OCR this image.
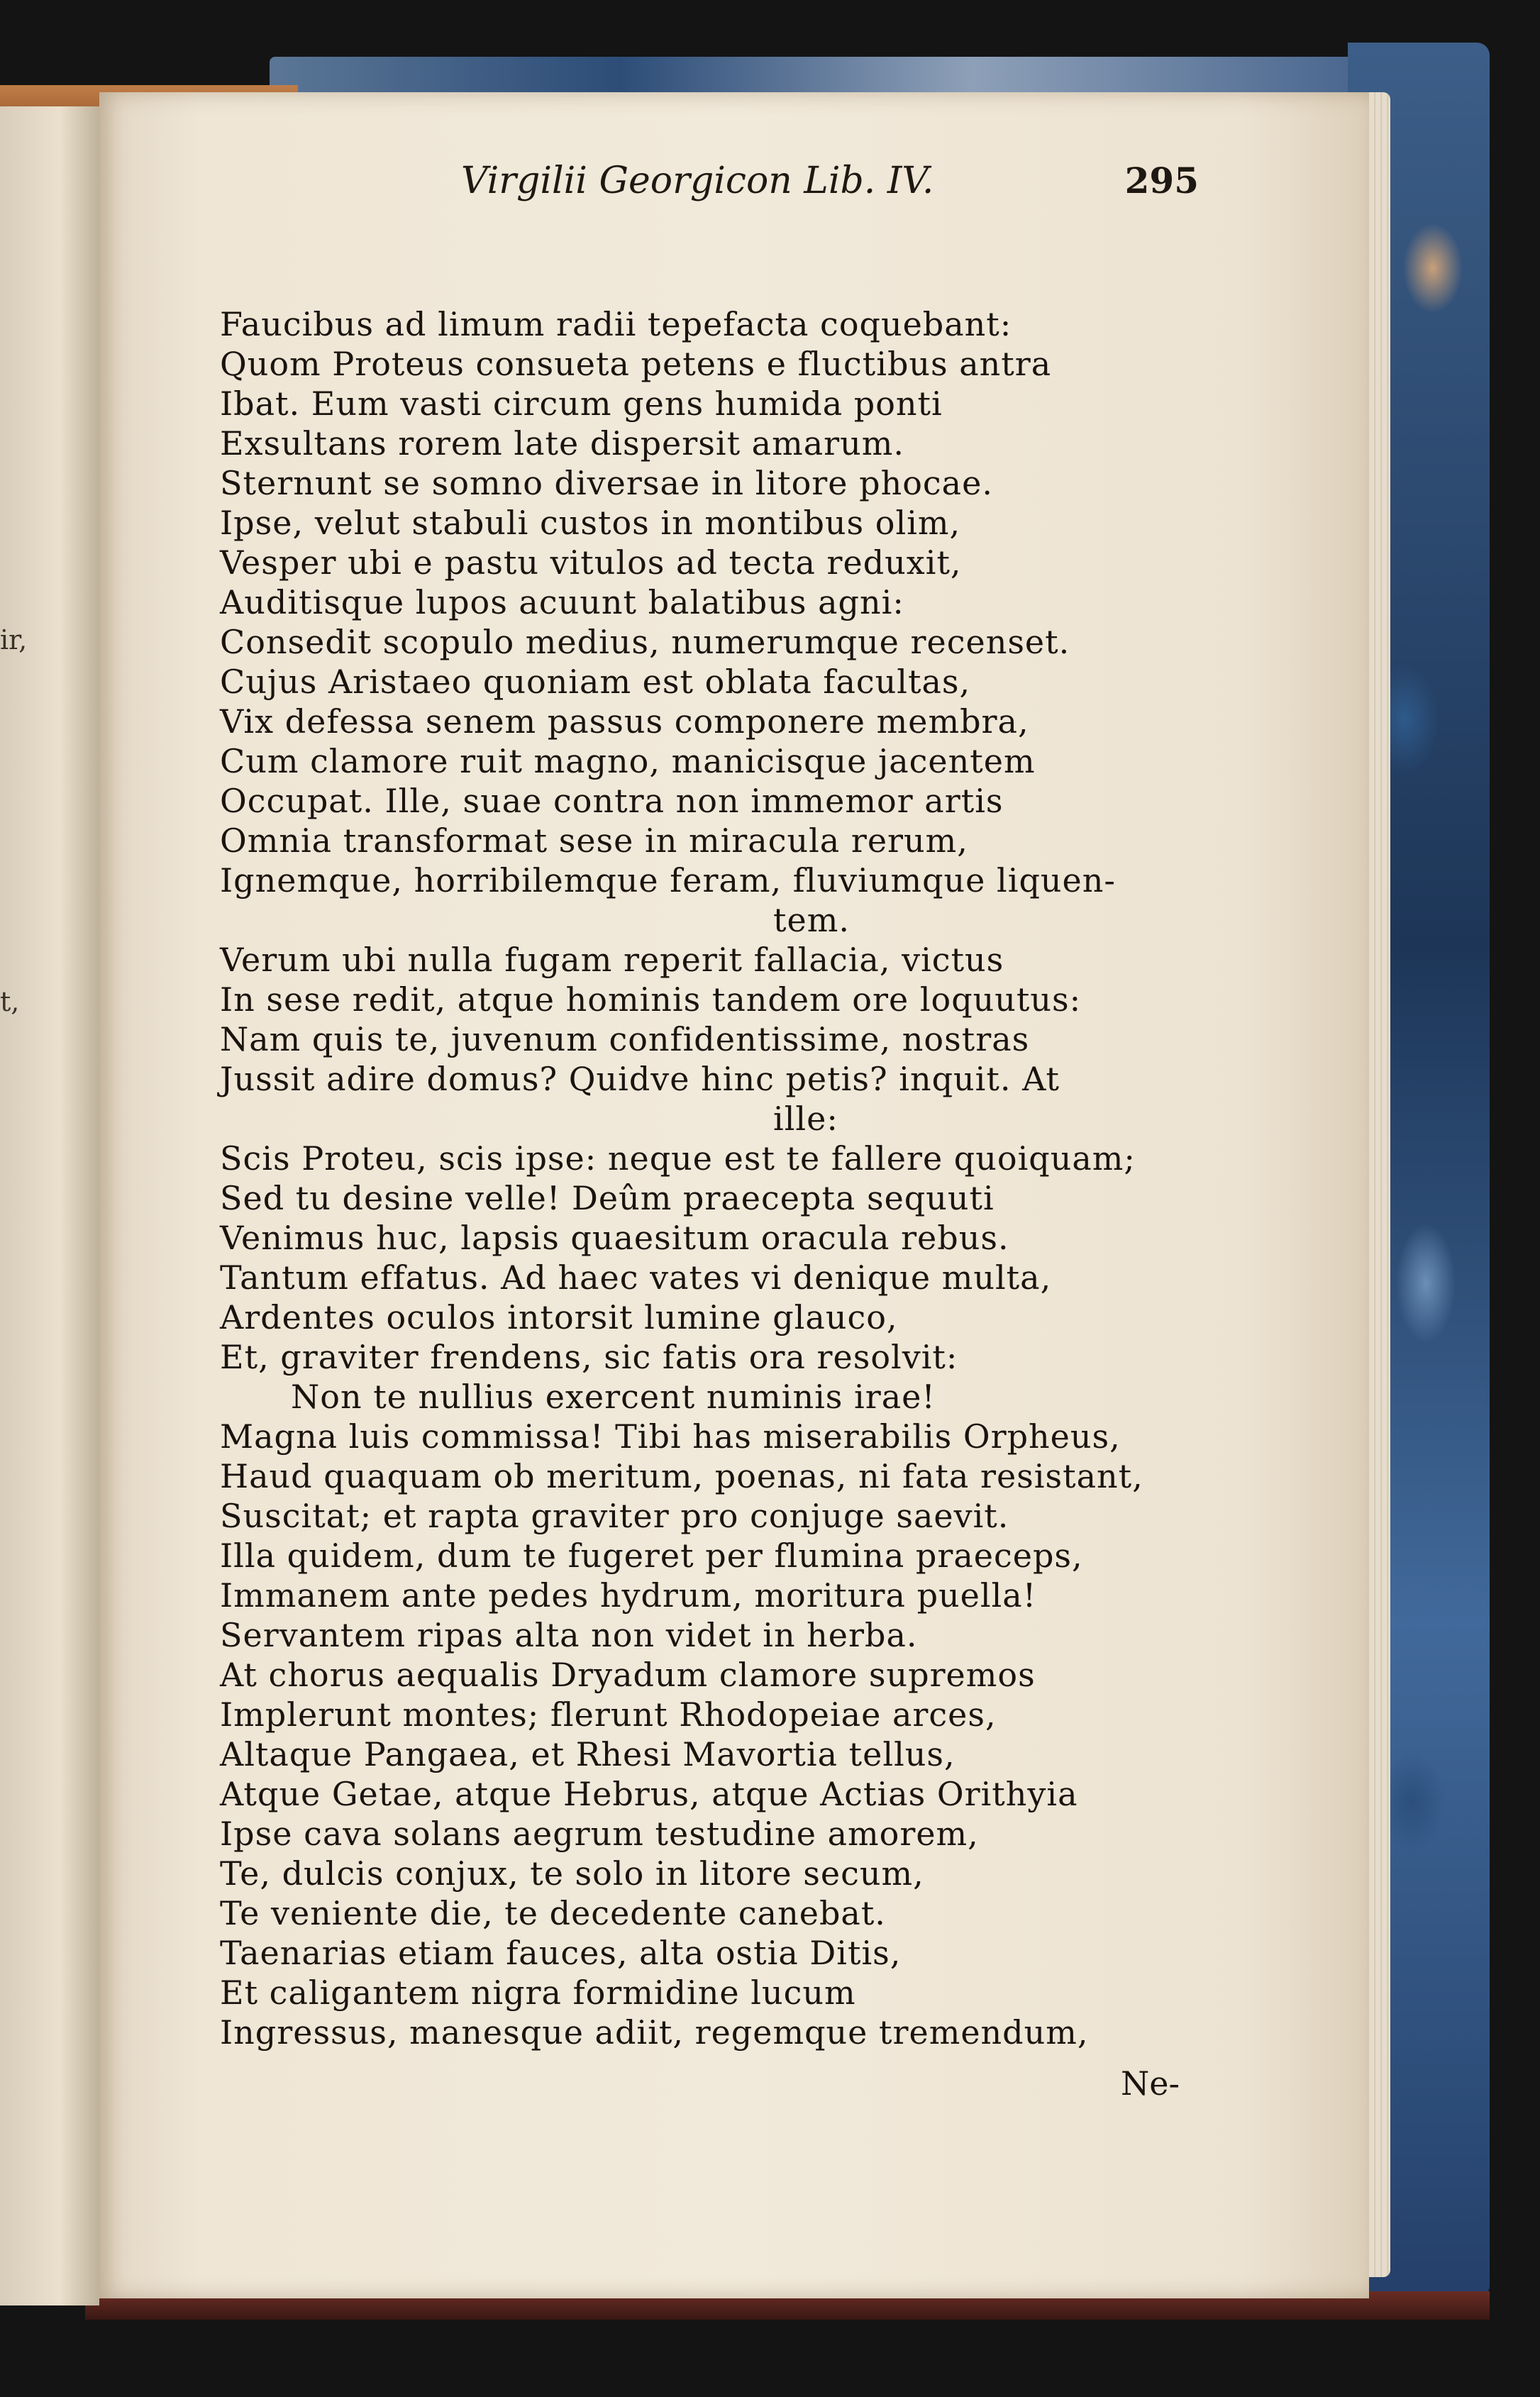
ir,
t,
Virgilii Georgicon Lib. IV.	295
Faucibus ad limum radii tepefacta coquebant:
Quom Proteus consueta petens e fluctibus antra
Ibat. Eum vasti circum gens humida ponti
Exsultans rorem late dispersit amarum.
Sternunt se somno diversae in litore phocae.
Ipse, velut stabuli custos in montibus olim,
Vesper ubi e pastu vitulos ad tecta reduxit,
Auditisque lupos acuunt balatibus agni:
Consedit scopulo medius, numerumque recenset.
Cujus Aristaeo quoniam est oblata facultas,
Vix defessa senem passus componere membra,
Cum clamore ruit magno, manicisque jacentem
Occupat. Ille, suae contra non immemor artis
Omnia transformat sese in miracula rerum,
Ignemque, horribilemque feram, fluviumque liquen-
tem.
Verum ubi nulla fugam reperit fallacia, victus
In sese redit, atque hominis tandem ore loquutus:
Nam quis te, juvenum confidentissime, nostras
Jussit adire domus? Quidve hinc petis? inquit. At
ille:
Scis Proteu, scis ipse: neque est te fallere quoiquam;
Sed tu desine velle! Deûm praecepta sequuti
Venimus huc, lapsis quaesitum oracula rebus.
Tantum effatus. Ad haec vates vi denique multa,
Ardentes oculos intorsit lumine glauco,
Et, graviter frendens, sic fatis ora resolvit:
Non te nullius exercent numinis irae!
Magna luis commissa! Tibi has miserabilis Orpheus,
Haud quaquam ob meritum, poenas, ni fata resistant,
Suscitat; et rapta graviter pro conjuge saevit.
Illa quidem, dum te fugeret per flumina praeceps,
Immanem ante pedes hydrum, moritura puella!
Servantem ripas alta non videt in herba.
At chorus aequalis Dryadum clamore supremos
Implerunt montes; flerunt Rhodopeiae arces,
Altaque Pangaea, et Rhesi Mavortia tellus,
Atque Getae, atque Hebrus, atque Actias Orithyia
Ipse cava solans aegrum testudine amorem,
Te, dulcis conjux, te solo in litore secum,
Te veniente die, te decedente canebat.
Taenarias etiam fauces, alta ostia Ditis,
Et caligantem nigra formidine lucum
Ingressus, manesque adiit, regemque tremendum,
Ne-
